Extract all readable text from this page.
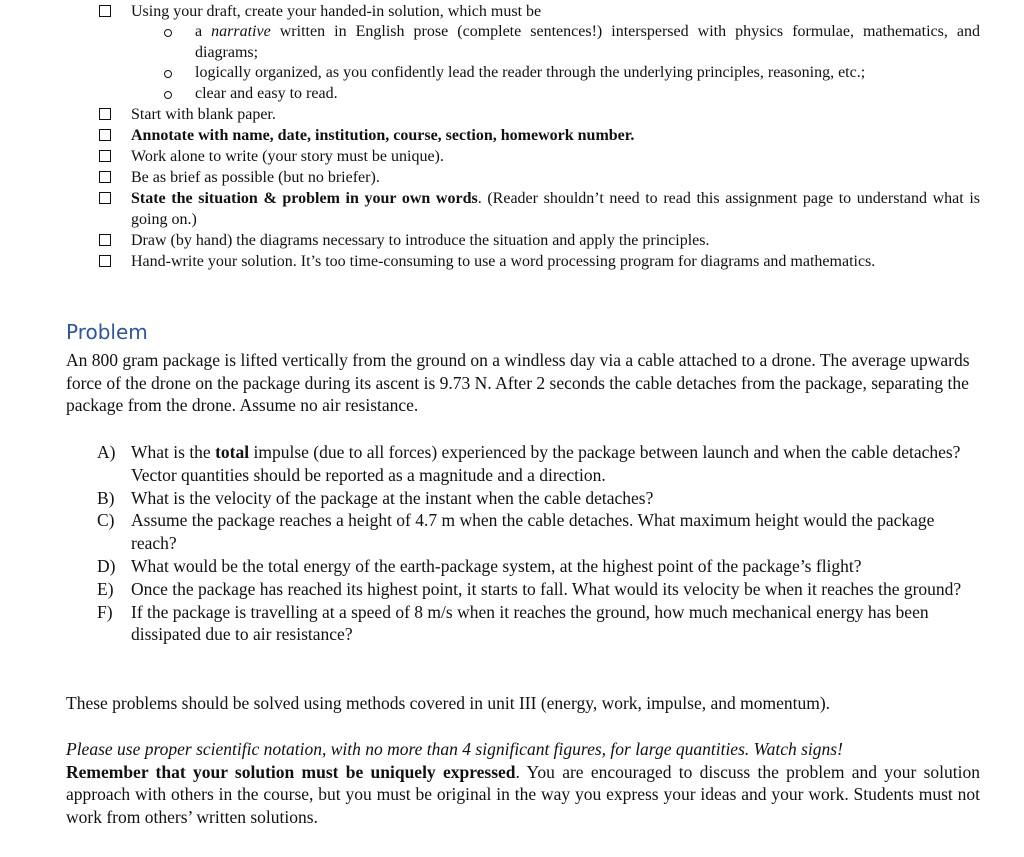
Using your draft, create your handed-in solution, which must be
a narrative written in English prose (complete sentences!) interspersed with physics formulae, mathematics, and diagrams;
logically organized, as you confidently lead the reader through the underlying principles, reasoning, etc.;
clear and easy to read.
Start with blank paper.
Annotate with name, date, institution, course, section, homework number.
Work alone to write (your story must be unique).
Be as brief as possible (but no briefer).
State the situation & problem in your own words. (Reader shouldn’t need to read this assignment page to understand what is going on.)
Draw (by hand) the diagrams necessary to introduce the situation and apply the principles.
Hand-write your solution. It’s too time-consuming to use a word processing program for diagrams and mathematics.
Problem

An 800 gram package is lifted vertically from the ground on a windless day via a cable attached to a drone. The average upwards force of the drone on the package during its ascent is 9.73 N. After 2 seconds the cable detaches from the package, separating the package from the drone. Assume no air resistance.

A) What is the total impulse (due to all forces) experienced by the package between launch and when the cable detaches? Vector quantities should be reported as a magnitude and a direction.
B) What is the velocity of the package at the instant when the cable detaches?
C) Assume the package reaches a height of 4.7 m when the cable detaches. What maximum height would the package reach?
D) What would be the total energy of the earth-package system, at the highest point of the package’s flight?
E) Once the package has reached its highest point, it starts to fall. What would its velocity be when it reaches the ground?
F) If the package is travelling at a speed of 8 m/s when it reaches the ground, how much mechanical energy has been dissipated due to air resistance?

These problems should be solved using methods covered in unit III (energy, work, impulse, and momentum).

Please use proper scientific notation, with no more than 4 significant figures, for large quantities. Watch signs!
Remember that your solution must be uniquely expressed. You are encouraged to discuss the problem and your solution approach with others in the course, but you must be original in the way you express your ideas and your work. Students must not work from others’ written solutions.
